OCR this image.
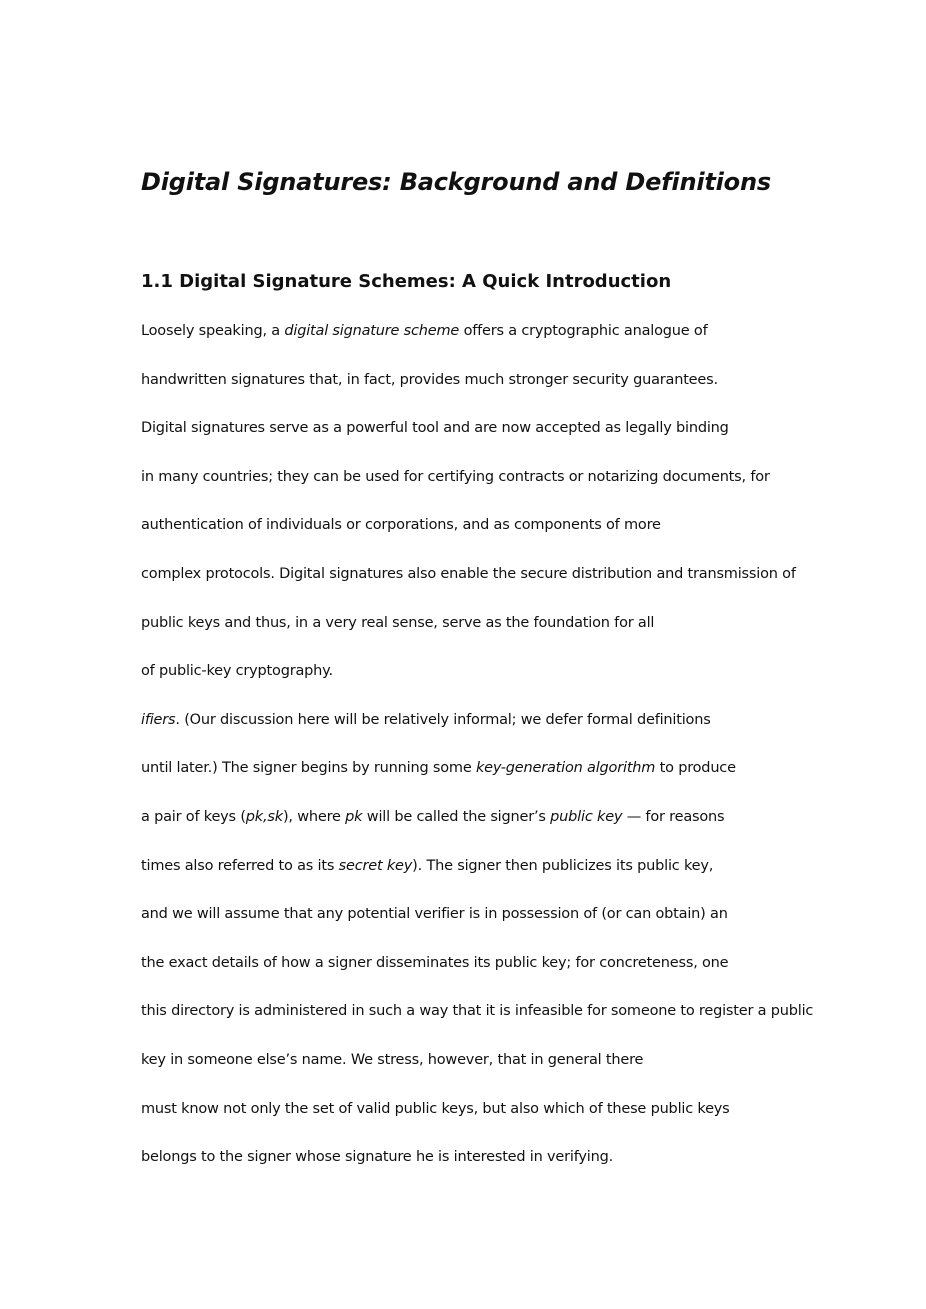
Digital Signatures: Background and Definitions
1.1 Digital Signature Schemes: A Quick Introduction

Loosely speaking, a digital signature scheme offers a cryptographic analogue of

handwritten signatures that, in fact, provides much stronger security guarantees.

Digital signatures serve as a powerful tool and are now accepted as legally binding

in many countries; they can be used for certifying contracts or notarizing documents, for

authentication of individuals or corporations, and as components of more

complex protocols. Digital signatures also enable the secure distribution and transmission of

public keys and thus, in a very real sense, serve as the foundation for all

of public-key cryptography.

ifiers. (Our discussion here will be relatively informal; we defer formal definitions

until later.) The signer begins by running some key-generation algorithm to produce

a pair of keys (pk,sk), where pk will be called the signer’s public key — for reasons

times also referred to as its secret key). The signer then publicizes its public key,

and we will assume that any potential verifier is in possession of (or can obtain) an

the exact details of how a signer disseminates its public key; for concreteness, one

this directory is administered in such a way that it is infeasible for someone to register a public

key in someone else’s name. We stress, however, that in general there

must know not only the set of valid public keys, but also which of these public keys

belongs to the signer whose signature he is interested in verifying.
